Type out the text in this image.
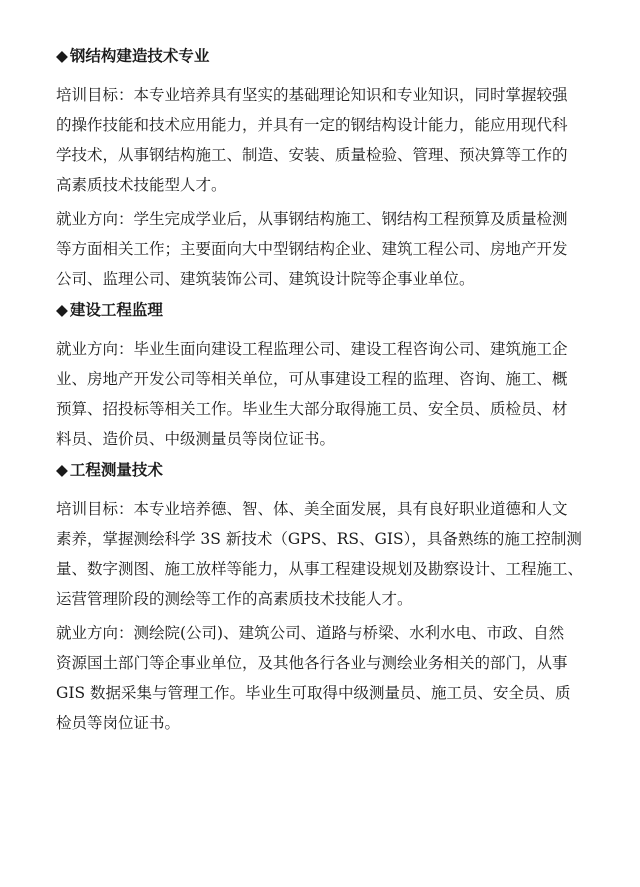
◆ 钢结构建造技术专业
培训目标：本专业培养具有坚实的基础理论知识和专业知识，同时掌握较强
的操作技能和技术应用能力，并具有一定的钢结构设计能力，能应用现代科
学技术，从事钢结构施工、制造、安装、质量检验、管理、预决算等工作的
高素质技术技能型人才。
就业方向：学生完成学业后，从事钢结构施工、钢结构工程预算及质量检测
等方面相关工作；主要面向大中型钢结构企业、建筑工程公司、房地产开发
公司、监理公司、建筑装饰公司、建筑设计院等企事业单位。
◆ 建设工程监理
就业方向：毕业生面向建设工程监理公司、建设工程咨询公司、建筑施工企
业、房地产开发公司等相关单位，可从事建设工程的监理、咨询、施工、概
预算、招投标等相关工作。毕业生大部分取得施工员、安全员、质检员、材
料员、造价员、中级测量员等岗位证书。
◆ 工程测量技术
培训目标：本专业培养德、智、体、美全面发展，具有良好职业道德和人文
素养，掌握测绘科学 3S 新技术（GPS、RS、GIS），具备熟练的施工控制测
量、数字测图、施工放样等能力，从事工程建设规划及勘察设计、工程施工、
运营管理阶段的测绘等工作的高素质技术技能人才。
就业方向：测绘院(公司)、建筑公司、道路与桥梁、水利水电、市政、自然
资源国土部门等企事业单位，及其他各行各业与测绘业务相关的部门，从事
GIS 数据采集与管理工作。毕业生可取得中级测量员、施工员、安全员、质
检员等岗位证书。
